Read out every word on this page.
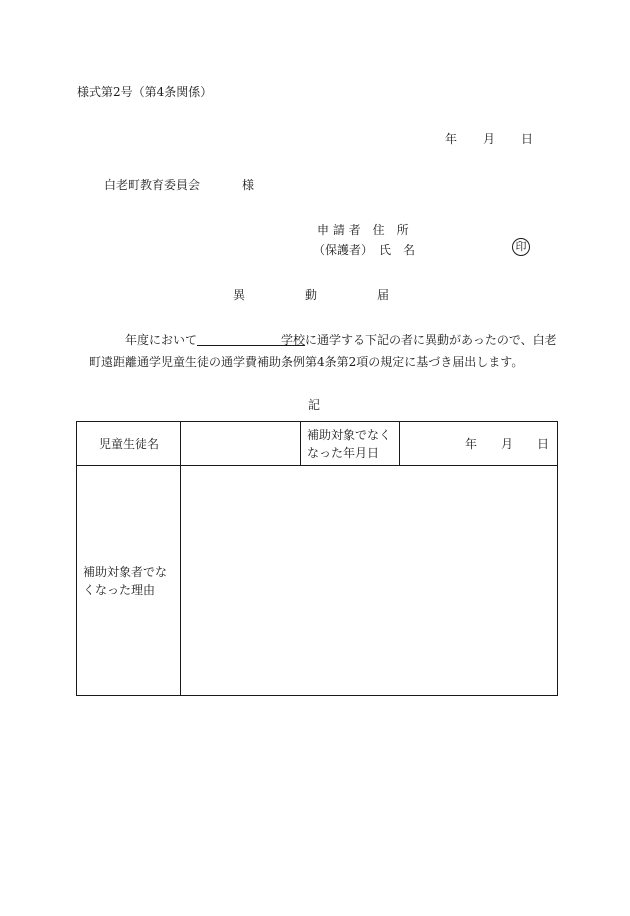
様式第2号（第4条関係）
年 月 日
白老町教育委員会	様
申 請 者　住　所
（保護者）　氏　名	印
異　　　　　動　　　　　届
年度において	学校に通学する下記の者に異動があったので、白老
町遠距離通学児童生徒の通学費補助条例第4条第2項の規定に基づき届出します。
記
児童生徒名		補助対象でなく
なった年月日	年　　月　　日

補助対象者でな
くなった理由			
